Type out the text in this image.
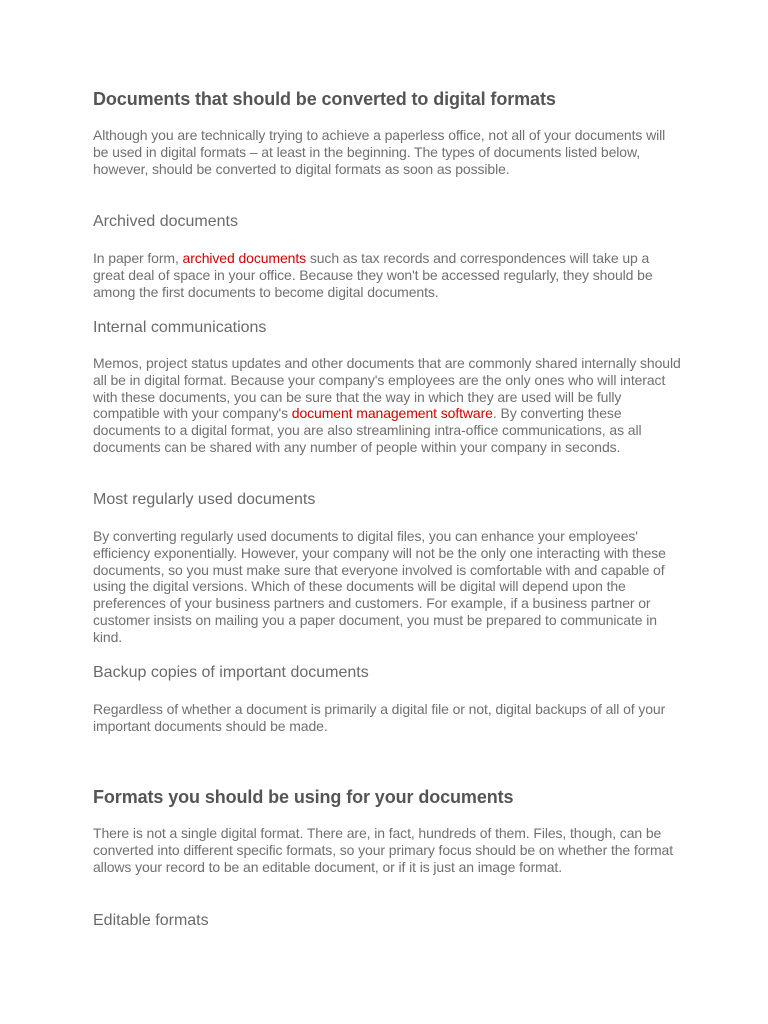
Documents that should be converted to digital formats

Although you are technically trying to achieve a paperless office, not all of your documents will be used in digital formats – at least in the beginning. The types of documents listed below, however, should be converted to digital formats as soon as possible.

Archived documents

In paper form, archived documents such as tax records and correspondences will take up a great deal of space in your office. Because they won't be accessed regularly, they should be among the first documents to become digital documents.

Internal communications

Memos, project status updates and other documents that are commonly shared internally should all be in digital format. Because your company's employees are the only ones who will interact with these documents, you can be sure that the way in which they are used will be fully compatible with your company's document management software. By converting these documents to a digital format, you are also streamlining intra-office communications, as all documents can be shared with any number of people within your company in seconds.

Most regularly used documents

By converting regularly used documents to digital files, you can enhance your employees' efficiency exponentially. However, your company will not be the only one interacting with these documents, so you must make sure that everyone involved is comfortable with and capable of using the digital versions. Which of these documents will be digital will depend upon the preferences of your business partners and customers. For example, if a business partner or customer insists on mailing you a paper document, you must be prepared to communicate in kind.

Backup copies of important documents

Regardless of whether a document is primarily a digital file or not, digital backups of all of your important documents should be made.

Formats you should be using for your documents

There is not a single digital format. There are, in fact, hundreds of them. Files, though, can be converted into different specific formats, so your primary focus should be on whether the format allows your record to be an editable document, or if it is just an image format.

Editable formats
